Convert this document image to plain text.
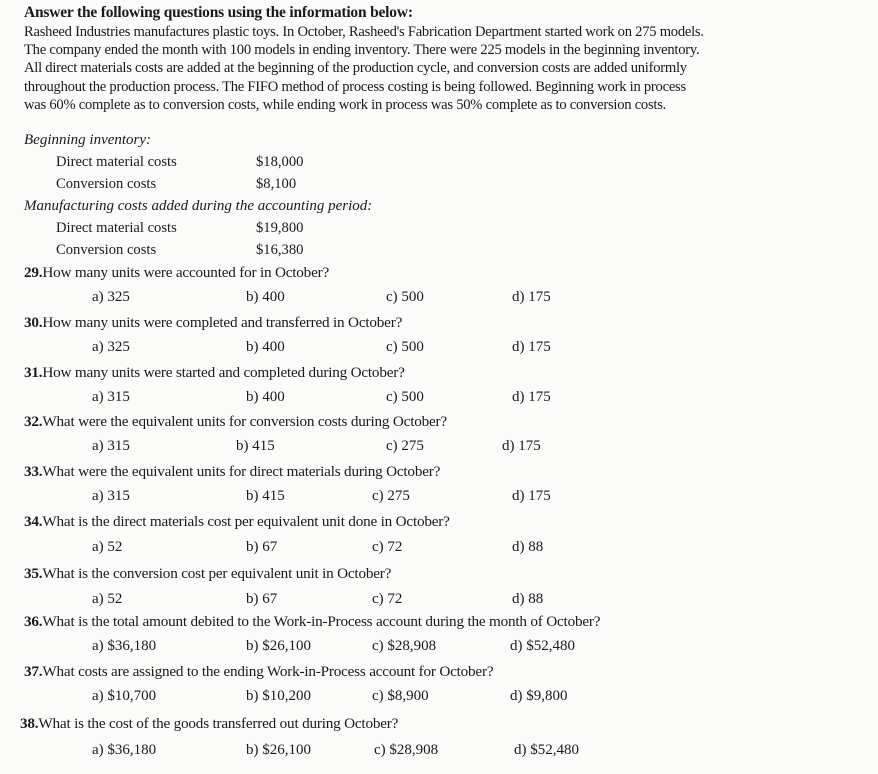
Answer the following questions using the information below:

Rasheed Industries manufactures plastic toys. In October, Rasheed's Fabrication Department started work on 275 models.

The company ended the month with 100 models in ending inventory. There were 225 models in the beginning inventory.

All direct materials costs are added at the beginning of the production cycle, and conversion costs are added uniformly

throughout the production process. The FIFO method of process costing is being followed. Beginning work in process

was 60% complete as to conversion costs, while ending work in process was 50% complete as to conversion costs.

Beginning inventory:
Direct material costs	$18,000
Conversion costs	$8,100
Manufacturing costs added during the accounting period:
Direct material costs	$19,800
Conversion costs	$16,380
29.How many units were accounted for in October?
a) 325	b) 400	c) 500	d) 175
30.How many units were completed and transferred in October?
a) 325	b) 400	c) 500	d) 175
31.How many units were started and completed during October?
a) 315	b) 400	c) 500	d) 175
32.What were the equivalent units for conversion costs during October?
a) 315	b) 415	c) 275	d) 175
33.What were the equivalent units for direct materials during October?
a) 315	b) 415	c) 275	d) 175
34.What is the direct materials cost per equivalent unit done in October?
a) 52	b) 67	c) 72	d) 88
35.What is the conversion cost per equivalent unit in October?
a) 52	b) 67	c) 72	d) 88
36.What is the total amount debited to the Work-in-Process account during the month of October?
a) $36,180	b) $26,100	c) $28,908	d) $52,480
37.What costs are assigned to the ending Work-in-Process account for October?
a) $10,700	b) $10,200	c) $8,900	d) $9,800
38.What is the cost of the goods transferred out during October?
a) $36,180	b) $26,100	c) $28,908	d) $52,480
